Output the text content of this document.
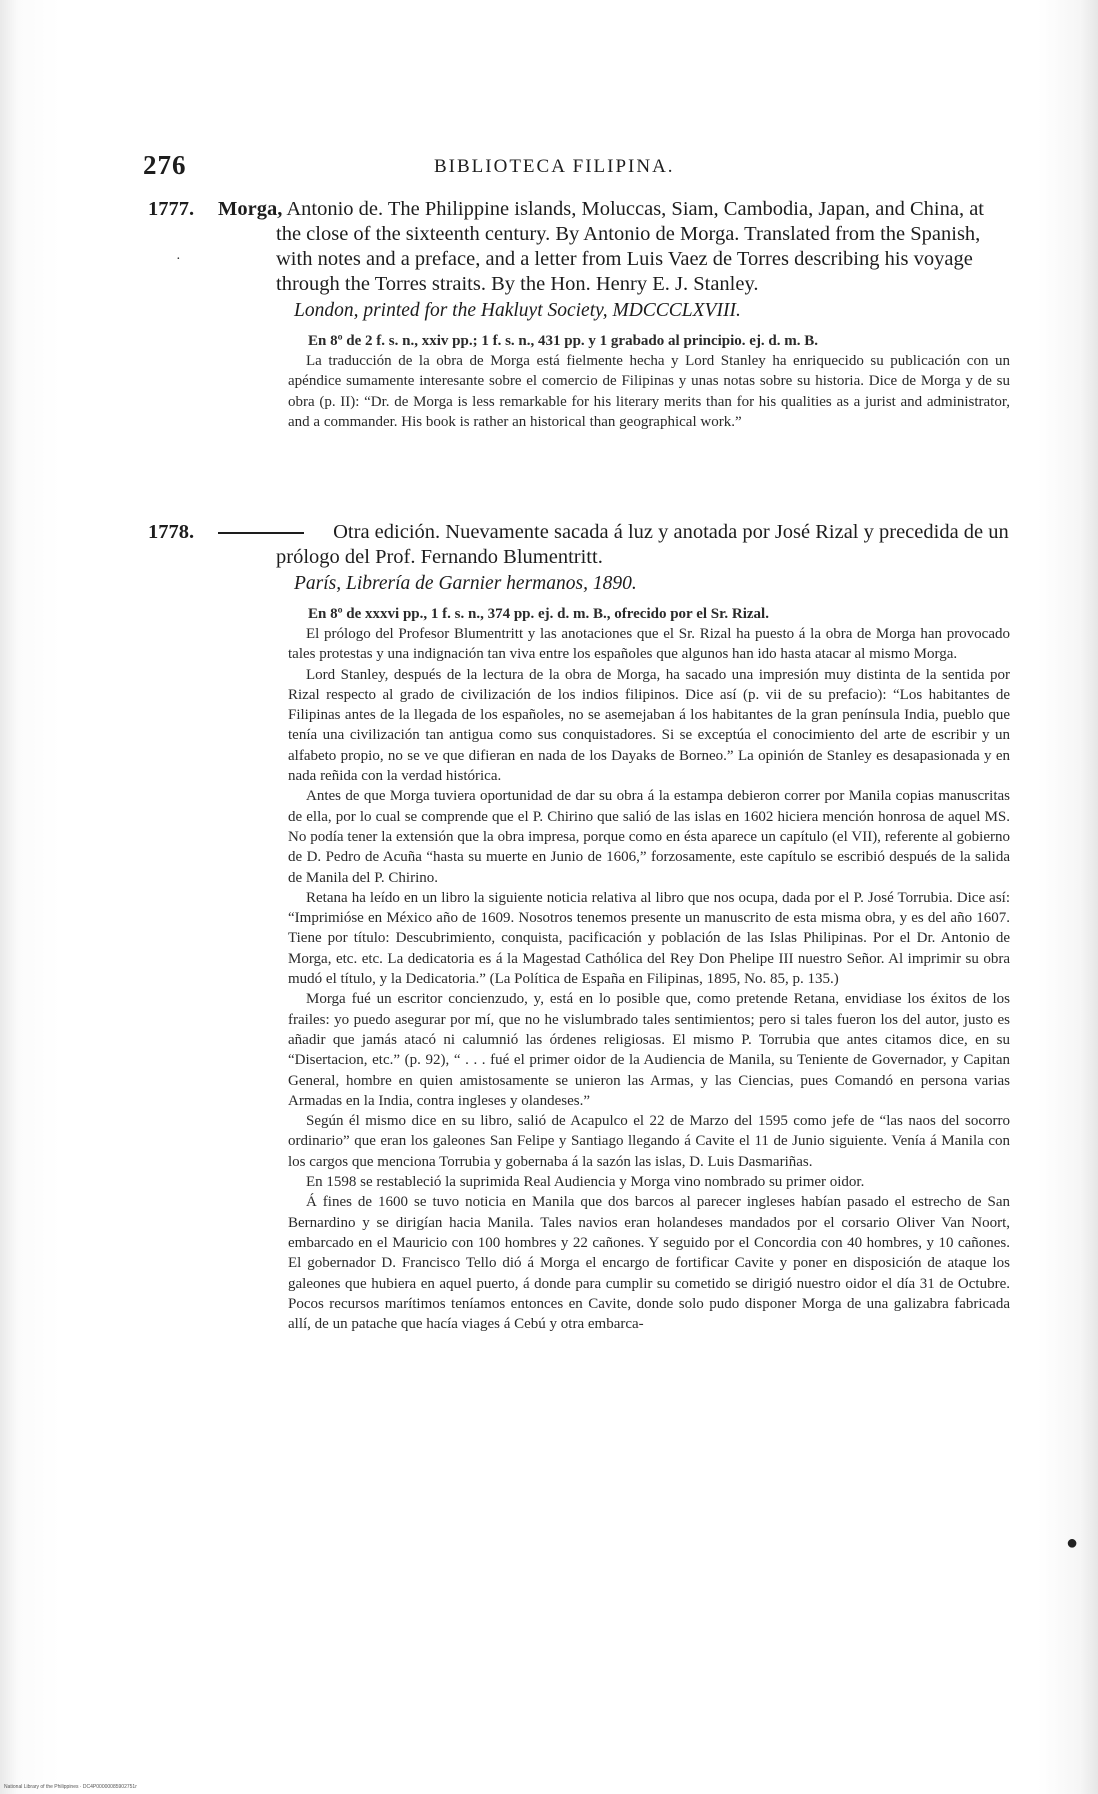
276	BIBLIOTECA FILIPINA.
·
1777. Morga, Antonio de. The Philippine islands, Moluccas, Siam, Cambodia, Japan, and China, at the close of the sixteenth century. By Antonio de Morga. Translated from the Spanish, with notes and a preface, and a letter from Luis Vaez de Torres describing his voyage through the Torres straits. By the Hon. Henry E. J. Stanley.
London, printed for the Hakluyt Society, MDCCCLXVIII.
En 8º de 2 f. s. n., xxiv pp.; 1 f. s. n., 431 pp. y 1 grabado al principio. ej. d. m. B.

La traducción de la obra de Morga está fielmente hecha y Lord Stanley ha enriquecido su publicación con un apéndice sumamente interesante sobre el comercio de Filipinas y unas notas sobre su historia. Dice de Morga y de su obra (p. II): “Dr. de Morga is less remarkable for his literary merits than for his qualities as a jurist and administrator, and a commander. His book is rather an historical than geographical work.”

1778.	Otra edición. Nuevamente sacada á luz y anotada por José Rizal y precedida de un prólogo del Prof. Fernando Blumentritt.
París, Librería de Garnier hermanos, 1890.
En 8º de xxxvi pp., 1 f. s. n., 374 pp. ej. d. m. B., ofrecido por el Sr. Rizal.

El prólogo del Profesor Blumentritt y las anotaciones que el Sr. Rizal ha puesto á la obra de Morga han provocado tales protestas y una indignación tan viva entre los españoles que algunos han ido hasta atacar al mismo Morga.

Lord Stanley, después de la lectura de la obra de Morga, ha sacado una impresión muy distinta de la sentida por Rizal respecto al grado de civilización de los indios filipinos. Dice así (p. vii de su prefacio): “Los habitantes de Filipinas antes de la llegada de los españoles, no se asemejaban á los habitantes de la gran península India, pueblo que tenía una civilización tan antigua como sus conquistadores. Si se exceptúa el conocimiento del arte de escribir y un alfabeto propio, no se ve que difieran en nada de los Dayaks de Borneo.” La opinión de Stanley es desapasionada y en nada reñida con la verdad histórica.

Antes de que Morga tuviera oportunidad de dar su obra á la estampa debieron correr por Manila copias manuscritas de ella, por lo cual se comprende que el P. Chirino que salió de las islas en 1602 hiciera mención honrosa de aquel MS. No podía tener la extensión que la obra impresa, porque como en ésta aparece un capítulo (el VII), referente al gobierno de D. Pedro de Acuña “hasta su muerte en Junio de 1606,” forzosamente, este capítulo se escribió después de la salida de Manila del P. Chirino.

Retana ha leído en un libro la siguiente noticia relativa al libro que nos ocupa, dada por el P. José Torrubia. Dice así: “Imprimióse en México año de 1609. Nosotros tenemos presente un manuscrito de esta misma obra, y es del año 1607. Tiene por título: Descubrimiento, conquista, pacificación y población de las Islas Philipinas. Por el Dr. Antonio de Morga, etc. etc. La dedicatoria es á la Magestad Cathólica del Rey Don Phelipe III nuestro Señor. Al imprimir su obra mudó el título, y la Dedicatoria.” (La Política de España en Filipinas, 1895, No. 85, p. 135.)

Morga fué un escritor concienzudo, y, está en lo posible que, como pretende Retana, envidiase los éxitos de los frailes: yo puedo asegurar por mí, que no he vislumbrado tales sentimientos; pero si tales fueron los del autor, justo es añadir que jamás atacó ni calumnió las órdenes religiosas. El mismo P. Torrubia que antes citamos dice, en su “Disertacion, etc.” (p. 92), “ . . . fué el primer oidor de la Audiencia de Manila, su Teniente de Governador, y Capitan General, hombre en quien amistosamente se unieron las Armas, y las Ciencias, pues Comandó en persona varias Armadas en la India, contra ingleses y olandeses.”

Según él mismo dice en su libro, salió de Acapulco el 22 de Marzo del 1595 como jefe de “las naos del socorro ordinario” que eran los galeones San Felipe y Santiago llegando á Cavite el 11 de Junio siguiente. Venía á Manila con los cargos que menciona Torrubia y gobernaba á la sazón las islas, D. Luis Dasmariñas.

En 1598 se restableció la suprimida Real Audiencia y Morga vino nombrado su primer oidor.

Á fines de 1600 se tuvo noticia en Manila que dos barcos al parecer ingleses habían pasado el estrecho de San Bernardino y se dirigían hacia Manila. Tales navios eran holandeses mandados por el corsario Oliver Van Noort, embarcado en el Mauricio con 100 hombres y 22 cañones. Y seguido por el Concordia con 40 hombres, y 10 cañones. El gobernador D. Francisco Tello dió á Morga el encargo de fortificar Cavite y poner en disposición de ataque los galeones que hubiera en aquel puerto, á donde para cumplir su cometido se dirigió nuestro oidor el día 31 de Octubre. Pocos recursos marítimos teníamos entonces en Cavite, donde solo pudo disponer Morga de una galizabra fabricada allí, de un patache que hacía viages á Cebú y otra embarca-

●
National Library of the Philippines · DC4P00000085902751r
